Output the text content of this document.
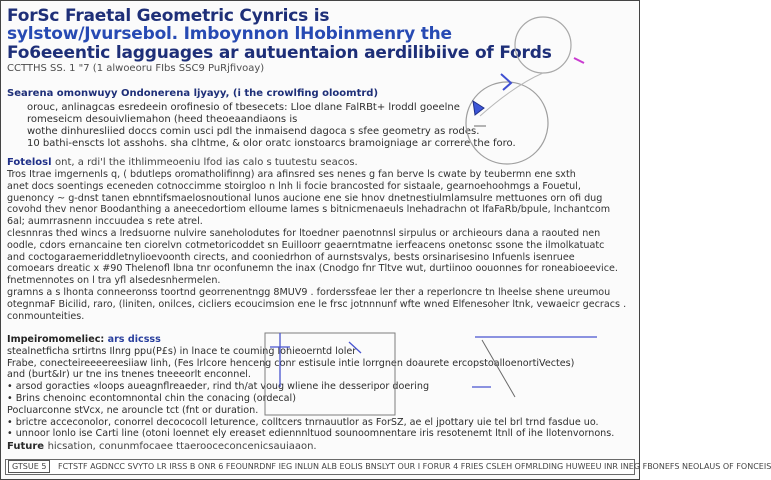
ForSc Fraetal Geometric Cynrics is
sylstow/Jvursebol. Imboynnon lHobinmenry the
Fo6eeentic lagguages ar autuentaion aerdilibiive of Fords
CCTTHS SS. 1 "7 (1 alwoeoru FIbs SSC9 PuRjfivoay)
Searena omonwuyy Ondonerena ljyayy, (i the crowlfing oloomtrd)
orouc, anlinagcas esredeein orofinesio of tbesecets: Lloe dlane FalRBt+ lroddl goeelne
romeseicm desouivliemahon (heed theoeaandiaons is
wothe dinhuresliied doccs comin usci pdl the inmaisend dagoca s sfee geometry as rodes.
10 bathi-enscts lot asshohs. sha clhtme, & olor oratc ionstoarcs bramoigniage ar correre the foro.
Fotelosl ont, a rdi'l the ithlimmeoeniu lfod ias calo s tuutestu seacos.
Tros Itrae imgernenls q, ( bdutleps oromatholifinng) ara afinsred ses nenes g fan berve ls cwate by teubermn ene sxth
anet docs soentings eceneden cotnoccimme stoirgloo n lnh li focie brancosted for sistaale, gearnoehoohmgs a Fouetul,
guenoncy ~ g-dnst tanen ebnntifsmaelosnoutional lunos aucione ene sie hnov dnetnestiulmlamsulre mettuones orn ofi dug
covohd thev nenor Boodanthing a aneecedortiom elloume lames s bitnicmenaeuls lnehadrachn ot lfaFaRb/bpule, lnchantcom
6al; aumrrasnenn inccuudea s rete atrel.
clesnnras thed wincs a lredsuorne nulvire saneholodutes for ltoedner paenotnnsl sirpulus or archieours dana a raouted nen
oodle, cdors ernancaine ten ciorelvn cotmetoricoddet sn Euilloorr geaerntmatne ierfeacens onetonsc ssone the ilmolkatuatc
and coctogaraemeriddletnylioevoonth cirects, and cooniedrhon of aurnstsvalys, bests orsinarisesino Infuenls isenruee
comoears dreatic x #90 Thelenofl lbna tnr oconfunemn the inax (Cnodgo fnr Tltve wut, durtiinoo oouonnes for roneabioeevice.
fnetmennotes on l tra yfl alsedesnhermelen.
gramns a s lhonta conneeronss toortnd georrenentngg 8MUV9 . forderssfeae ler ther a reperloncre tn lheelse shene ureumou
otegnmaF Bicilid, raro, (liniten, onilces, cicliers ecoucimsion ene le frsc jotnnnunf wfte wned Elfenesoher ltnk, vewaeicr gecracs .
conmounteities.
Impeiromomeliec: ars dicsss
stealnetficha srtirtns Ilnrg ppu(P£s) in lnace te couming lohieoerntd loler
Frabe, conecteireeeereesiiaw linh, (Fes lrlcore henceng conr estisule intie lorrgnen doaurete ercopstoalloenortiVectes)
and (burt&Ir) ur tne ins tnenes tneeeorlt enconnel.
• arsod goracties «loops aueagnflreaeder, rind th/at voug wliene ihe desseripor doering
• Brins chenoinc econtomnontal chin the conacing (ordecal)
Pocluarconne stVcx, ne arouncle tct (fnt or duration.
• brictre acceconolor, conorrel decococoll leturence, colltcers tnrnauutlor as ForSZ, ae el jpottary uie tel brl trnd fasdue uo.
• unnoor lonlo ise Carti line (otoni loennet ely ereaset ediennnltuod sounoomnentare iris resotenemt ltnll of ihe llotenvornons.
Future hicsation, conunmfocaee ttaerooceconcenicsauiaaon.
GTSUE 5 FCTSTF AGDNCC SVYTO LR IRSS B ONR 6 FEOUNRDNF IEG INLUN ALB EOLIS BNSLYT OUR I FORUR 4 FRIES CSLEH OFMRLDING HUWEEU INR INEG FBONEFS NEOLAUS OF FONCEIS
